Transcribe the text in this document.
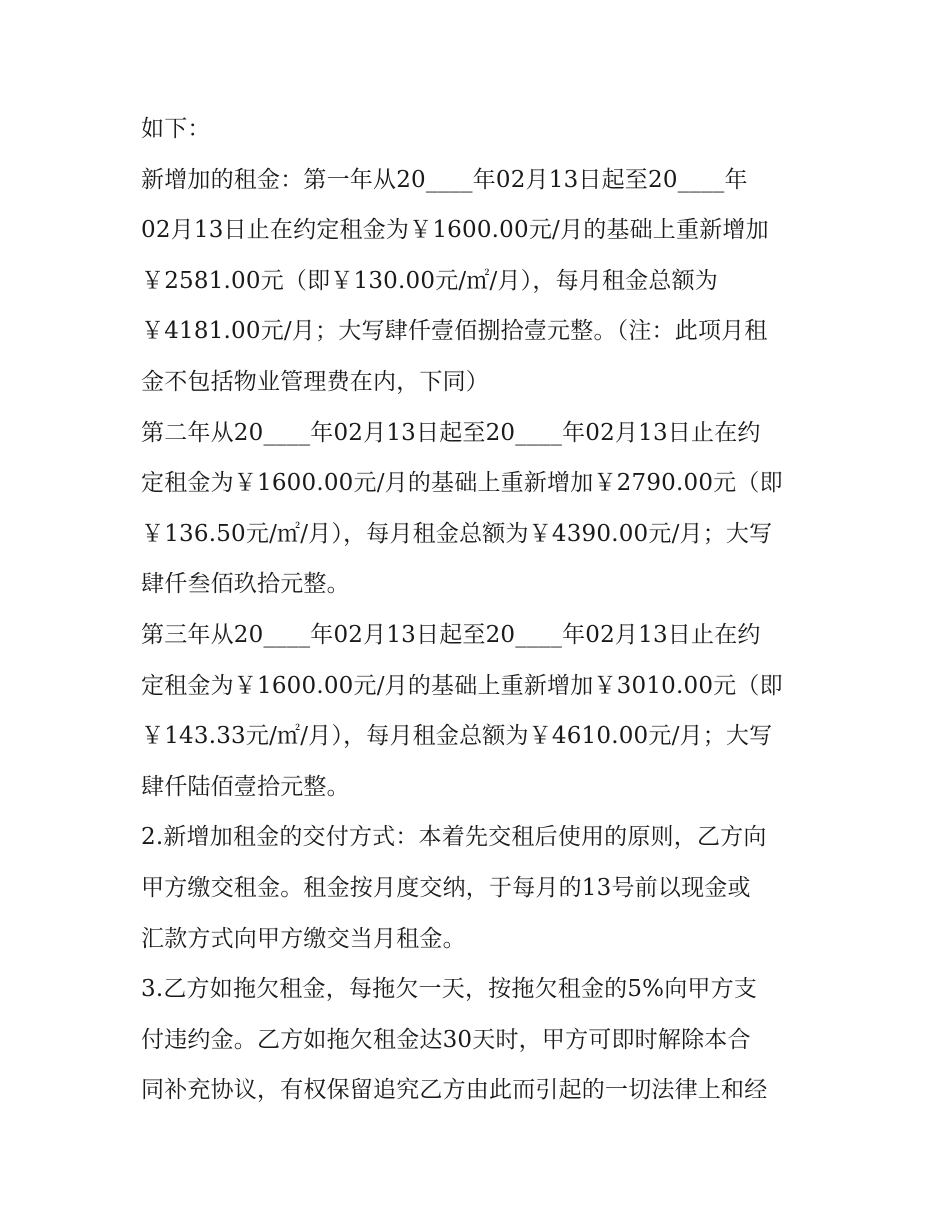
如下：
新增加的租金：第一年从20____年02月13日起至20____年
02月13日止在约定租金为￥1600.00元/月的基础上重新增加
￥2581.00元（即￥130.00元/㎡/月），每月租金总额为
￥4181.00元/月；大写肆仟壹佰捌拾壹元整。（注：此项月租
金不包括物业管理费在内，下同）
第二年从20____年02月13日起至20____年02月13日止在约
定租金为￥1600.00元/月的基础上重新增加￥2790.00元（即
￥136.50元/㎡/月），每月租金总额为￥4390.00元/月；大写
肆仟叁佰玖拾元整。
第三年从20____年02月13日起至20____年02月13日止在约
定租金为￥1600.00元/月的基础上重新增加￥3010.00元（即
￥143.33元/㎡/月），每月租金总额为￥4610.00元/月；大写
肆仟陆佰壹拾元整。
2.新增加租金的交付方式：本着先交租后使用的原则，乙方向
甲方缴交租金。租金按月度交纳，于每月的13号前以现金或
汇款方式向甲方缴交当月租金。
3.乙方如拖欠租金，每拖欠一天，按拖欠租金的5%向甲方支
付违约金。乙方如拖欠租金达30天时，甲方可即时解除本合
同补充协议，有权保留追究乙方由此而引起的一切法律上和经
